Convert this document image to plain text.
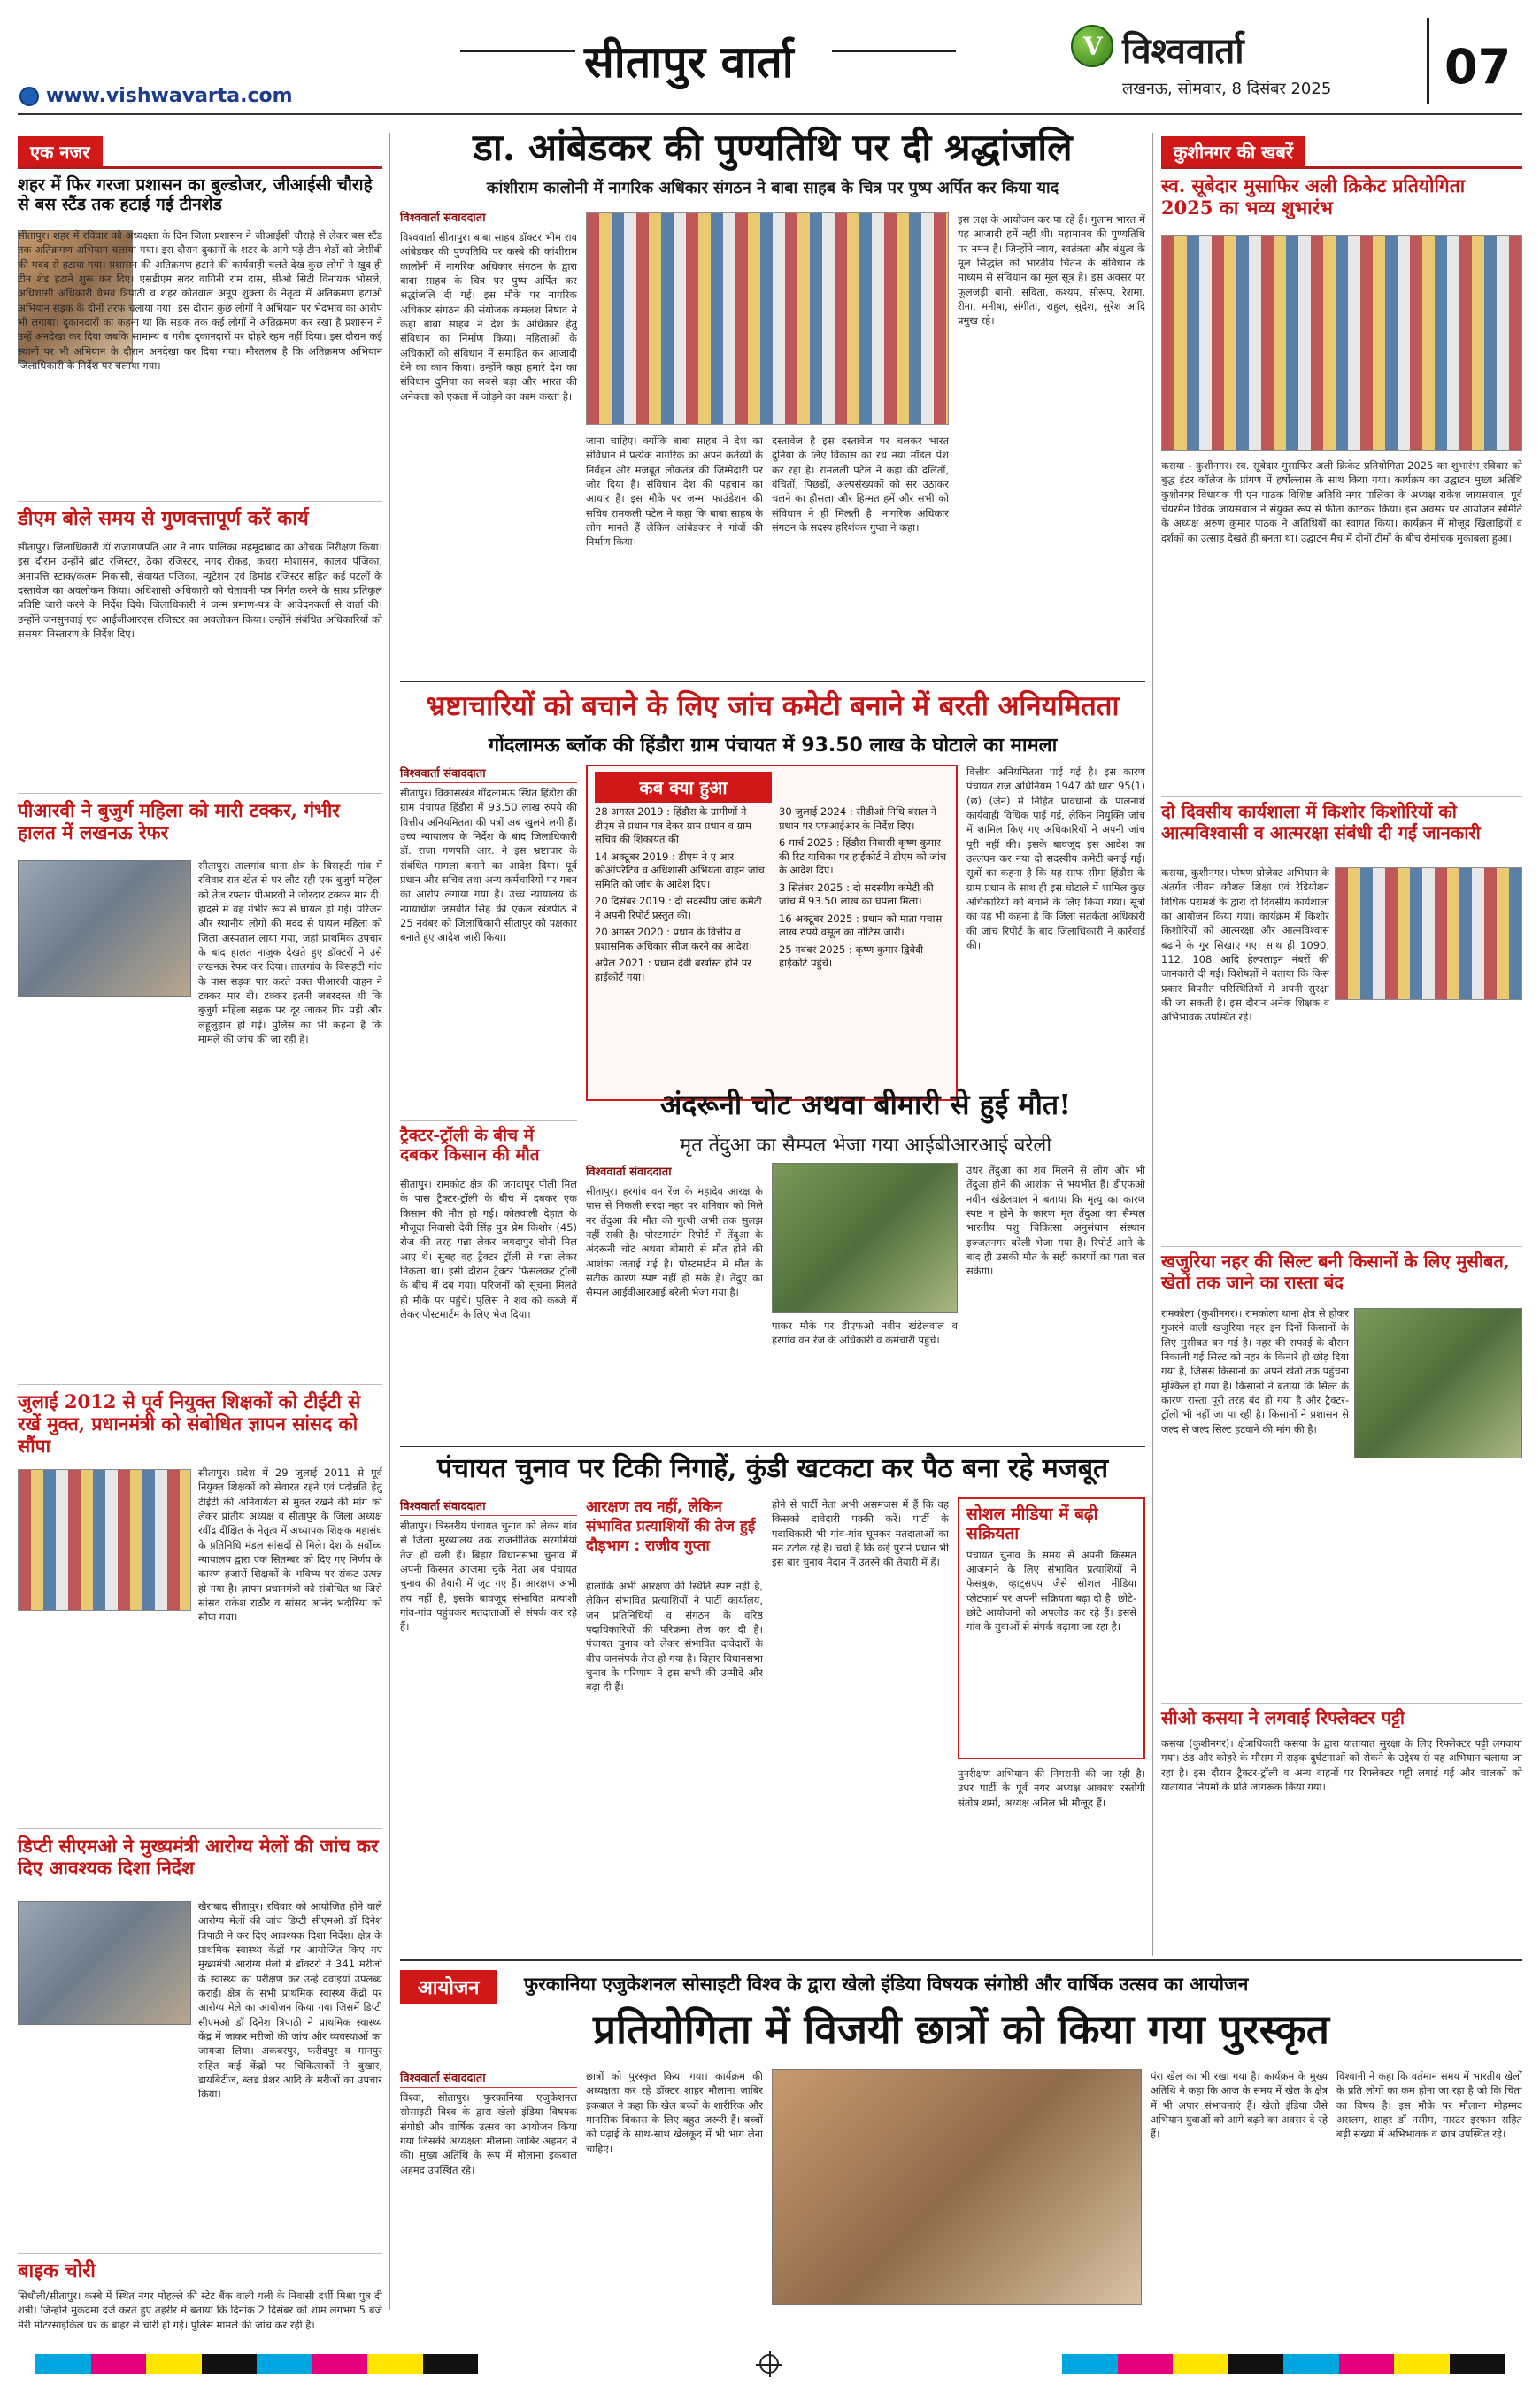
सीतापुर वार्ता	V विश्ववार्ता
लखनऊ, सोमवार, 8 दिसंबर 2025 07
www.vishwavarta.com
एक नजर
शहर में फिर गरजा प्रशासन का बुल्डोजर, जीआईसी चौराहे से बस स्टैंड तक हटाई गई टीनशेड
सीतापुर। शहर में रविवार को अध्यक्षता के दिन जिला प्रशासन ने जीआईसी चौराहे से लेकर बस स्टैंड तक अतिक्रमण अभियान चलाया गया। इस दौरान दुकानों के शटर के आगे पड़े टीन शेडों को जेसीबी की मदद से हटाया गया। प्रशासन की अतिक्रमण हटाने की कार्यवाही चलते देख कुछ लोगों ने खुद ही टीन शेड हटाने शुरू कर दिए। एसडीएम सदर वागिनी राम दास, सीओ सिटी विनायक भोसले, अधिशासी अधिकारी वैभव त्रिपाठी व शहर कोतवाल अनूप शुक्ला के नेतृत्व में अतिक्रमण हटाओ अभियान सड़क के दोनों तरफ चलाया गया। इस दौरान कुछ लोगों ने अभियान पर भेदभाव का आरोप भी लगाया। दुकानदारों का कहना था कि सड़क तक कई लोगों ने अतिक्रमण कर रखा है प्रशासन ने उन्हें अनदेखा कर दिया जबकि सामान्य व गरीब दुकानदारों पर दोहरे रहम नहीं दिया। इस दौरान कई स्थानों पर भी अभियान के दौरान अनदेखा कर दिया गया। मौरतलब है कि अतिक्रमण अभियान जिलाधिकारी के निर्देश पर चलाया गया।
डीएम बोले समय से गुणवत्तापूर्ण करें कार्य
सीतापुर। जिलाधिकारी डॉ राजागणपति आर ने नगर पालिका महमूदाबाद का औचक निरीक्षण किया। इस दौरान उन्होंने ब्रांट रजिस्टर, ठेका रजिस्टर, नगद रोकड़, कचरा मोशासन, कालव पंजिका, अनापत्ति स्टाक/कलम निकासी, सेवायत पंजिका, म्यूटेशन एवं डिमांड रजिस्टर सहित कई पटलों के दस्तावेज का अवलोकन किया। अधिशासी अधिकारी को चेतावनी पत्र निर्गत करने के साथ प्रतिकूल प्रविष्टि जारी करने के निर्देश दिये। जिलाधिकारी ने जन्म प्रमाण-पत्र के आवेदनकर्ता से वार्ता की। उन्होंने जनसुनवाई एवं आईजीआरएस रजिस्टर का अवलोकन किया। उन्होंने संबंधित अधिकारियों को ससमय निस्तारण के निर्देश दिए।
पीआरवी ने बुजुर्ग महिला को मारी टक्कर, गंभीर हालत में लखनऊ रेफर
सीतापुर। तालगांव थाना क्षेत्र के बिसहटी गांव में रविवार रात खेत से घर लौट रही एक बुजुर्ग महिला को तेज रफ्तार पीआरवी ने जोरदार टक्कर मार दी। हादसे में वह गंभीर रूप से घायल हो गई। परिजन और स्थानीय लोगों की मदद से घायल महिला को जिला अस्पताल लाया गया, जहां प्राथमिक उपचार के बाद हालत नाजुक देखते हुए डॉक्टरों ने उसे लखनऊ रेफर कर दिया। तालगांव के बिसहटी गांव के पास सड़क पार करते वक्त पीआरवी वाहन ने टक्कर मार दी। टक्कर इतनी जबरदस्त थी कि बुजुर्ग महिला सड़क पर दूर जाकर गिर पड़ी और लहूलुहान हो गई। पुलिस का भी कहना है कि मामले की जांच की जा रही है।
जुलाई 2012 से पूर्व नियुक्त शिक्षकों को टीईटी से रखें मुक्त, प्रधानमंत्री को संबोधित ज्ञापन सांसद को सौंपा
सीतापुर। प्रदेश में 29 जुलाई 2011 से पूर्व नियुक्त शिक्षकों को सेवारत रहने एवं पदोन्नति हेतु टीईटी की अनिवार्यता से मुक्त रखने की मांग को लेकर प्रांतीय अध्यक्ष व सीतापुर के जिला अध्यक्ष रवींद्र दीक्षित के नेतृत्व में अध्यापक शिक्षक महासंघ के प्रतिनिधि मंडल सांसदों से मिले। देश के सर्वोच्च न्यायालय द्वारा एक सितम्बर को दिए गए निर्णय के कारण हजारों शिक्षकों के भविष्य पर संकट उत्पन्न हो गया है। ज्ञापन प्रधानमंत्री को संबोधित था जिसे सांसद राकेश राठौर व सांसद आनंद भदौरिया को सौंपा गया।
डिप्टी सीएमओ ने मुख्यमंत्री आरोग्य मेलों की जांच कर दिए आवश्यक दिशा निर्देश
खैराबाद सीतापुर। रविवार को आयोजित होने वाले आरोग्य मेलों की जांच डिप्टी सीएमओ डॉ दिनेश त्रिपाठी ने कर दिए आवश्यक दिशा निर्देश। क्षेत्र के प्राथमिक स्वास्थ्य केंद्रों पर आयोजित किए गए मुख्यमंत्री आरोग्य मेलों में डॉक्टरों ने 341 मरीजों के स्वास्थ्य का परीक्षण कर उन्हें दवाइयां उपलब्ध कराईं। क्षेत्र के सभी प्राथमिक स्वास्थ्य केंद्रों पर आरोग्य मेले का आयोजन किया गया जिसमें डिप्टी सीएमओ डॉ दिनेश त्रिपाठी ने प्राथमिक स्वास्थ्य केंद्र में जाकर मरीजों की जांच और व्यवस्थाओं का जायजा लिया। अकबरपुर, फरीदपुर व मानपुर सहित कई केंद्रों पर चिकित्सकों ने बुखार, डायबिटीज, ब्लड प्रेशर आदि के मरीजों का उपचार किया।
बाइक चोरी
सिधौली/सीतापुर। कस्बे में स्थित नगर मोहल्ले की स्टेट बैंक वाली गली के निवासी दर्शी मिश्रा पुत्र दी शन्नी। जिन्होंने मुकदमा दर्ज करते हुए तहरीर में बताया कि दिनांक 2 दिसंबर को शाम लगभग 5 बजे मेरी मोटरसाइकिल घर के बाहर से चोरी हो गई। पुलिस मामले की जांच कर रही है।
डा. आंबेडकर की पुण्यतिथि पर दी श्रद्धांजलि
कांशीराम कालोनी में नागरिक अधिकार संगठन ने बाबा साहब के चित्र पर पुष्प अर्पित कर किया याद
विश्ववार्ता संवाददाता
विश्ववार्ता सीतापुर। बाबा साहब डॉक्टर भीम राव आंबेडकर की पुण्यतिथि पर कस्बे की कांशीराम कालोनी में नागरिक अधिकार संगठन के द्वारा बाबा साहब के चित्र पर पुष्प अर्पित कर श्रद्धांजलि दी गई। इस मौके पर नागरिक अधिकार संगठन की संयोजक कमलश निषाद ने कहा बाबा साहब ने देश के अधिकार हेतु संविधान का निर्माण किया। महिलाओं के अधिकारों को संविधान में समाहित कर आजादी देने का काम किया। उन्होंने कहा हमारे देश का संविधान दुनिया का सबसे बड़ा और भारत की अनेकता को एकता में जोड़ने का काम करता है।
जाना चाहिए। क्योंकि बाबा साहब ने देश का संविधान में प्रत्येक नागरिक को अपने कर्तव्यों के निर्वहन और मजबूत लोकतंत्र की जिम्मेदारी पर जोर दिया है। संविधान देश की पहचान का आधार है। इस मौके पर जन्मा फाउंडेशन की सचिव रामकली पटेल ने कहा कि बाबा साहब के लोग मानते हैं लेकिन आंबेडकर ने गांवों की निर्माण किया।
दस्तावेज है इस दस्तावेज पर चलकर भारत दुनिया के लिए विकास का रथ नया मॉडल पेश कर रहा है। रामलली पटेल ने कहा की दलितों, वंचितों, पिछड़ों, अल्पसंख्यकों को सर उठाकर चलने का हौसला और हिम्मत हमें और सभी को संविधान ने ही मिलती है। नागरिक अधिकार संगठन के सदस्य हरिशंकर गुप्ता ने कहा।
इस लक्ष के आयोजन कर पा रहे हैं। गुलाम भारत में यह आजादी हमें नहीं थी। महामानव की पुण्यतिथि पर नमन है। जिन्होंने न्याय, स्वतंत्रता और बंधुत्व के मूल सिद्धांत को भारतीय चिंतन के संविधान के माध्यम से संविधान का मूल सूत्र है। इस अवसर पर फूलजड़ी बानो, सविता, कश्यप, सोरूप, रेशमा, रीना, मनीषा, संगीता, राहुल, सुदेश, सुरेश आदि प्रमुख रहे।
भ्रष्टाचारियों को बचाने के लिए जांच कमेटी बनाने में बरती अनियमितता
गोंदलामऊ ब्लॉक की हिंडौरा ग्राम पंचायत में 93.50 लाख के घोटाले का मामला
विश्ववार्ता संवाददाता
सीतापुर। विकासखंड गोंदलामऊ स्थित हिंडौरा की ग्राम पंचायत हिंडौरा में 93.50 लाख रुपये की वित्तीय अनियमितता की पत्रों अब खुलने लगी हैं। उच्च न्यायालय के निर्देश के बाद जिलाधिकारी डॉ. राजा गणपति आर. ने इस भ्रष्टाचार के संबंधित मामला बनाने का आदेश दिया। पूर्व प्रधान और सचिव तथा अन्य कर्मचारियों पर गबन का आरोप लगाया गया है। उच्च न्यायालय के न्यायाधीश जसवीत सिंह की एकल खंडपीठ ने 25 नवंबर को जिलाधिकारी सीतापुर को पक्षकार बनाते हुए आदेश जारी किया।
कब क्या हुआ
28 अगस्त 2019 : हिंडौरा के ग्रामीणों ने डीएम से प्रधान पत्र देकर ग्राम प्रधान व ग्राम सचिव की शिकायत की।
14 अक्टूबर 2019 : डीएम ने ए आर कोऑपरेटिव व अधिशासी अभियंता वाहन जांच समिति को जांच के आदेश दिए।
20 दिसंबर 2019 : दो सदस्यीय जांच कमेटी ने अपनी रिपोर्ट प्रस्तुत की।
20 अगस्त 2020 : प्रधान के वित्तीय व प्रशासनिक अधिकार सीज करने का आदेश।
अप्रैल 2021 : प्रधान देवी बर्खास्त होने पर हाईकोर्ट गया।
30 जुलाई 2024 : सीडीओ निधि बंसल ने प्रधान पर एफआईआर के निर्देश दिए।
6 मार्च 2025 : हिंडौरा निवासी कृष्ण कुमार की रिट याचिका पर हाईकोर्ट ने डीएम को जांच के आदेश दिए।
3 सितंबर 2025 : दो सदस्यीय कमेटी की जांच में 93.50 लाख का घपला मिला।
16 अक्टूबर 2025 : प्रधान को माता पचास लाख रुपये वसूल का नोटिस जारी।
25 नवंबर 2025 : कृष्ण कुमार द्विवेदी हाईकोर्ट पहुंचे।
वित्तीय अनियमितता पाई गई है। इस कारण पंचायत राज अधिनियम 1947 की धारा 95(1)(छ) (जेन) में निहित प्रावधानों के पालनार्थ कार्यवाही विधिक पाई गई, लेकिन नियुक्ति जांच में शामिल किए गए अधिकारियों ने अपनी जांच पूरी नहीं की। इसके बावजूद इस आदेश का उल्लंघन कर नया दो सदस्यीय कमेटी बनाई गई। सूत्रों का कहना है कि यह साफ सीमा हिंडौरा के ग्राम प्रधान के साथ ही इस घोटाले में शामिल कुछ अधिकारियों को बचाने के लिए किया गया। सूत्रों का यह भी कहना है कि जिला सतर्कता अधिकारी की जांच रिपोर्ट के बाद जिलाधिकारी ने कार्रवाई की।
ट्रैक्टर-ट्रॉली के बीच में दबकर किसान की मौत
सीतापुर। रामकोट क्षेत्र की जगदापुर पीली मिल के पास ट्रैक्टर-ट्रॉली के बीच में दबकर एक किसान की मौत हो गई। कोतवाली देहात के मौजूदा निवासी देवी सिंह पुत्र प्रेम किशोर (45) रोज की तरह गन्ना लेकर जगदापुर चीनी मिल आए थे। सुबह वह ट्रैक्टर ट्रॉली से गन्ना लेकर निकला था। इसी दौरान ट्रैक्टर फिसलकर ट्रॉली के बीच में दब गया। परिजनों को सूचना मिलते ही मौके पर पहुंचे। पुलिस ने शव को कब्जे में लेकर पोस्टमार्टम के लिए भेज दिया।
अंदरूनी चोट अथवा बीमारी से हुई मौत!
मृत तेंदुआ का सैम्पल भेजा गया आईबीआरआई बरेली
विश्ववार्ता संवाददाता
सीतापुर। हरगांव वन रेंज के महादेव आरक्ष के पास से निकली सरदा नहर पर शनिवार को मिले नर तेंदुआ की मौत की गुत्थी अभी तक सुलझ नहीं सकी है। पोस्टमार्टम रिपोर्ट में तेंदुआ के अंदरूनी चोट अथवा बीमारी से मौत होने की आशंका जताई गई है। पोस्टमार्टम में मौत के सटीक कारण स्पष्ट नहीं हो सके हैं। तेंदुए का सैम्पल आईवीआरआई बरेली भेजा गया है।
पाकर मौके पर डीएफओ नवीन खंडेलवाल व हरगांव वन रेंज के अधिकारी व कर्मचारी पहुंचे।
उधर तेंदुआ का शव मिलने से लोग और भी तेंदुआ होने की आशंका से भयभीत हैं। डीएफओ नवीन खंडेलवाल ने बताया कि मृत्यु का कारण स्पष्ट न होने के कारण मृत तेंदुआ का सैम्पल भारतीय पशु चिकित्सा अनुसंधान संस्थान इज्जतनगर बरेली भेजा गया है। रिपोर्ट आने के बाद ही उसकी मौत के सही कारणों का पता चल सकेगा।
पंचायत चुनाव पर टिकी निगाहें, कुंडी खटकटा कर पैठ बना रहे मजबूत
विश्ववार्ता संवाददाता
सीतापुर। त्रिस्तरीय पंचायत चुनाव को लेकर गांव से जिला मुख्यालय तक राजनीतिक सरगर्मियां तेज हो चली हैं। बिहार विधानसभा चुनाव में अपनी किस्मत आजमा चुके नेता अब पंचायत चुनाव की तैयारी में जुट गए हैं। आरक्षण अभी तय नहीं है, इसके बावजूद संभावित प्रत्याशी गांव-गांव पहुंचकर मतदाताओं से संपर्क कर रहे हैं।
आरक्षण तय नहीं, लेकिन संभावित प्रत्याशियों की तेज हुई दौड़भाग : राजीव गुप्ता
हालांकि अभी आरक्षण की स्थिति स्पष्ट नहीं है, लेकिन संभावित प्रत्याशियों ने पार्टी कार्यालय, जन प्रतिनिधियों व संगठन के वरिष्ठ पदाधिकारियों की परिक्रमा तेज कर दी है। पंचायत चुनाव को लेकर संभावित दावेदारों के बीच जनसंपर्क तेज हो गया है। बिहार विधानसभा चुनाव के परिणाम ने इस सभी की उम्मीदें और बढ़ा दी हैं।
होने से पार्टी नेता अभी असमंजस में हैं कि वह किसको दावेदारी पक्की करें। पार्टी के पदाधिकारी भी गांव-गांव घूमकर मतदाताओं का मन टटोल रहे हैं। चर्चा है कि कई पुराने प्रधान भी इस बार चुनाव मैदान में उतरने की तैयारी में हैं।
सोशल मीडिया में बढ़ी सक्रियता
पंचायत चुनाव के समय से अपनी किस्मत आजमाने के लिए संभावित प्रत्याशियों ने फेसबुक, व्हाट्सएप जैसे सोशल मीडिया प्लेटफार्म पर अपनी सक्रियता बढ़ा दी है। छोटे-छोटे आयोजनों को अपलोड कर रहे हैं। इससे गांव के युवाओं से संपर्क बढ़ाया जा रहा है।
पुनरीक्षण अभियान की निगरानी की जा रही है। उधर पार्टी के पूर्व नगर अध्यक्ष आकाश रस्तोगी संतोष शर्मा, अध्यक्ष अनिल भी मौजूद हैं।
कुशीनगर की खबरें
स्व. सूबेदार मुसाफिर अली क्रिकेट प्रतियोगिता 2025 का भव्य शुभारंभ
कसया - कुशीनगर। स्व. सूबेदार मुसाफिर अली क्रिकेट प्रतियोगिता 2025 का शुभारंभ रविवार को बुद्ध इंटर कॉलेज के प्रांगण में हर्षोल्लास के साथ किया गया। कार्यक्रम का उद्घाटन मुख्य अतिथि कुशीनगर विधायक पी एन पाठक विशिष्ट अतिथि नगर पालिका के अध्यक्ष राकेश जायसवाल, पूर्व चेयरमैन विवेक जायसवाल ने संयुक्त रूप से फीता काटकर किया। इस अवसर पर आयोजन समिति के अध्यक्ष अरुण कुमार पाठक ने अतिथियों का स्वागत किया। कार्यक्रम में मौजूद खिलाड़ियों व दर्शकों का उत्साह देखते ही बनता था। उद्घाटन मैच में दोनों टीमों के बीच रोमांचक मुकाबला हुआ।
दो दिवसीय कार्यशाला में किशोर किशोरियों को आत्मविश्वासी व आत्मरक्षा संबंधी दी गईं जानकारी
कसया, कुशीनगर। पोषण प्रोजेक्ट अभियान के अंतर्गत जीवन कौशल शिक्षा एवं रेडियोशन विधिक परामर्श के द्वारा दो दिवसीय कार्यशाला का आयोजन किया गया। कार्यक्रम में किशोर किशोरियों को आत्मरक्षा और आत्मविश्वास बढ़ाने के गुर सिखाए गए। साथ ही 1090, 112, 108 आदि हेल्पलाइन नंबरों की जानकारी दी गई। विशेषज्ञों ने बताया कि किस प्रकार विपरीत परिस्थितियों में अपनी सुरक्षा की जा सकती है। इस दौरान अनेक शिक्षक व अभिभावक उपस्थित रहे।
खजुरिया नहर की सिल्ट बनी किसानों के लिए मुसीबत, खेतों तक जाने का रास्ता बंद
रामकोला (कुशीनगर)। रामकोला थाना क्षेत्र से होकर गुजरने वाली खजुरिया नहर इन दिनों किसानों के लिए मुसीबत बन गई है। नहर की सफाई के दौरान निकाली गई सिल्ट को नहर के किनारे ही छोड़ दिया गया है, जिससे किसानों का अपने खेतों तक पहुंचना मुश्किल हो गया है। किसानों ने बताया कि सिल्ट के कारण रास्ता पूरी तरह बंद हो गया है और ट्रैक्टर-ट्रॉली भी नहीं जा पा रही है। किसानों ने प्रशासन से जल्द से जल्द सिल्ट हटवाने की मांग की है।
सीओ कसया ने लगवाई रिफ्लेक्टर पट्टी
कसया (कुशीनगर)। क्षेत्राधिकारी कसया के द्वारा यातायात सुरक्षा के लिए रिफ्लेक्टर पट्टी लगवाया गया। ठंड और कोहरे के मौसम में सड़क दुर्घटनाओं को रोकने के उद्देश्य से यह अभियान चलाया जा रहा है। इस दौरान ट्रैक्टर-ट्रॉली व अन्य वाहनों पर रिफ्लेक्टर पट्टी लगाई गई और चालकों को यातायात नियमों के प्रति जागरूक किया गया।
आयोजन	फुरकानिया एजुकेशनल सोसाइटी विश्व के द्वारा खेलो इंडिया विषयक संगोष्ठी और वार्षिक उत्सव का आयोजन
प्रतियोगिता में विजयी छात्रों को किया गया पुरस्कृत
विश्ववार्ता संवाददाता
विश्वा, सीतापुर। फुरकानिया एजुकेशनल सोसाइटी विश्व के द्वारा खेलो इंडिया विषयक संगोष्ठी और वार्षिक उत्सव का आयोजन किया गया जिसकी अध्यक्षता मौलाना जाबिर अहमद ने की। मुख्य अतिथि के रूप में मौलाना इकबाल अहमद उपस्थित रहे।
छात्रों को पुरस्कृत किया गया। कार्यक्रम की अध्यक्षता कर रहे डॉक्टर शाहर मौलाना जाबिर इकबाल ने कहा कि खेल बच्चों के शारीरिक और मानसिक विकास के लिए बहुत जरूरी हैं। बच्चों को पढ़ाई के साथ-साथ खेलकूद में भी भाग लेना चाहिए।
पंरा खेल का भी रखा गया है। कार्यक्रम के मुख्य अतिथि ने कहा कि आज के समय में खेल के क्षेत्र में भी अपार संभावनाएं हैं। खेलो इंडिया जैसे अभियान युवाओं को आगे बढ़ने का अवसर दे रहे हैं।
विश्वानी ने कहा कि वर्तमान समय में भारतीय खेलों के प्रति लोगों का कम होना जा रहा है जो कि चिंता का विषय है। इस मौके पर मौलाना मोहम्मद असलम, शाहर डॉ नसीम, मास्टर इरफान सहित बड़ी संख्या में अभिभावक व छात्र उपस्थित रहे।
